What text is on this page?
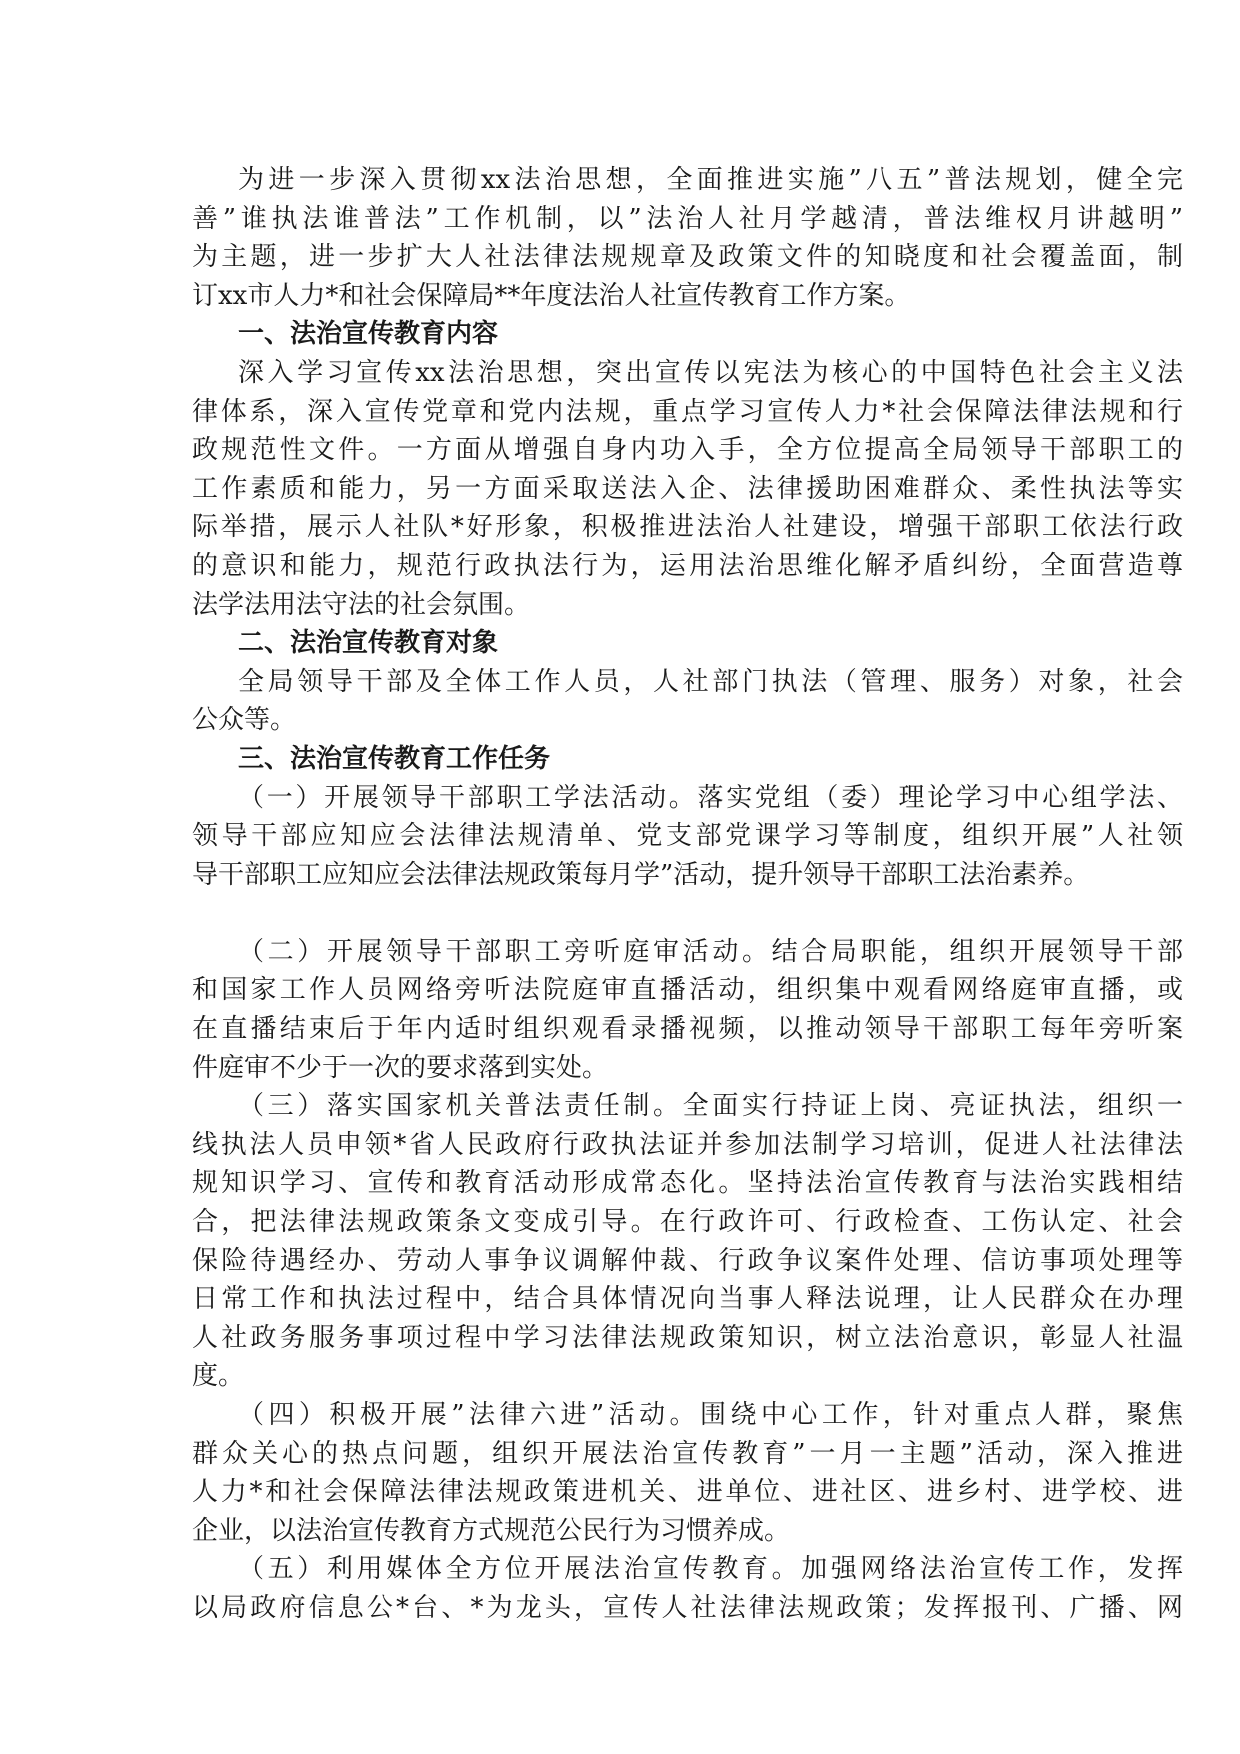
为进一步深入贯彻xx法治思想，全面推进实施”八五”普法规划，健全完
善”谁执法谁普法”工作机制，以”法治人社月学越清，普法维权月讲越明”
为主题，进一步扩大人社法律法规规章及政策文件的知晓度和社会覆盖面，制
订xx市人力*和社会保障局**年度法治人社宣传教育工作方案。
一、法治宣传教育内容
深入学习宣传xx法治思想，突出宣传以宪法为核心的中国特色社会主义法
律体系，深入宣传党章和党内法规，重点学习宣传人力*社会保障法律法规和行
政规范性文件。一方面从增强自身内功入手，全方位提高全局领导干部职工的
工作素质和能力，另一方面采取送法入企、法律援助困难群众、柔性执法等实
际举措，展示人社队*好形象，积极推进法治人社建设，增强干部职工依法行政
的意识和能力，规范行政执法行为，运用法治思维化解矛盾纠纷，全面营造尊
法学法用法守法的社会氛围。
二、法治宣传教育对象
全局领导干部及全体工作人员，人社部门执法（管理、服务）对象，社会
公众等。
三、法治宣传教育工作任务
（一）开展领导干部职工学法活动。落实党组（委）理论学习中心组学法、
领导干部应知应会法律法规清单、党支部党课学习等制度，组织开展”人社领
导干部职工应知应会法律法规政策每月学”活动，提升领导干部职工法治素养。
（二）开展领导干部职工旁听庭审活动。结合局职能，组织开展领导干部
和国家工作人员网络旁听法院庭审直播活动，组织集中观看网络庭审直播，或
在直播结束后于年内适时组织观看录播视频，以推动领导干部职工每年旁听案
件庭审不少于一次的要求落到实处。
（三）落实国家机关普法责任制。全面实行持证上岗、亮证执法，组织一
线执法人员申领*省人民政府行政执法证并参加法制学习培训，促进人社法律法
规知识学习、宣传和教育活动形成常态化。坚持法治宣传教育与法治实践相结
合，把法律法规政策条文变成引导。在行政许可、行政检查、工伤认定、社会
保险待遇经办、劳动人事争议调解仲裁、行政争议案件处理、信访事项处理等
日常工作和执法过程中，结合具体情况向当事人释法说理，让人民群众在办理
人社政务服务事项过程中学习法律法规政策知识，树立法治意识，彰显人社温
度。
（四）积极开展”法律六进”活动。围绕中心工作，针对重点人群，聚焦
群众关心的热点问题，组织开展法治宣传教育”一月一主题”活动，深入推进
人力*和社会保障法律法规政策进机关、进单位、进社区、进乡村、进学校、进
企业，以法治宣传教育方式规范公民行为习惯养成。
（五）利用媒体全方位开展法治宣传教育。加强网络法治宣传工作，发挥
以局政府信息公*台、*为龙头，宣传人社法律法规政策；发挥报刊、广播、网
